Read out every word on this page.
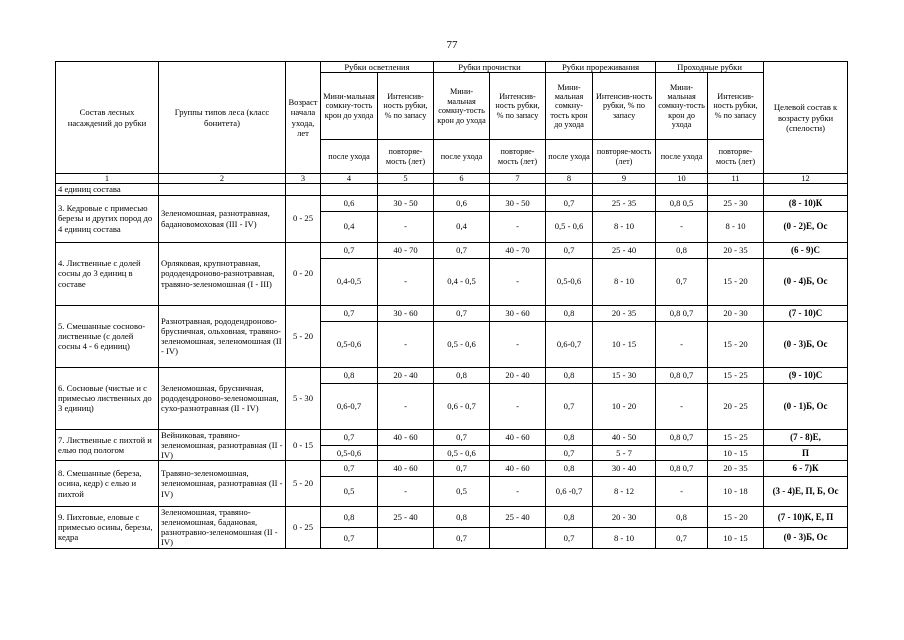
77
Состав лесных насаждений до рубки	Группы типов леса (класс бонитета)	Возраст начала ухода, лет	Рубки осветления		Рубки прочистки		Рубки прореживания		Проходные рубки		Целевой состав к возрасту рубки (спелости)
			Мини-мальная сомкну-тость крон до ухода	Интенсив-ность рубки, % по запасу	Мини-мальная сомкну-тость крон до ухода	Интенсив-ность рубки, % по запасу	Мини-мальная сомкну-тость крон до ухода	Интенсив-ность рубки, % по запасу	Мини-мальная сомкну-тость крон до ухода	Интенсив-ность рубки, % по запасу	
			после ухода	повторяе-мость (лет)	после ухода	повторяе-мость (лет)	после ухода	повторяе-мость (лет)	после ухода	повторяе-мость (лет)	
1	2	3	4	5	6	7	8	9	10	11	12
4 единиц состава											
3. Кедровые с примесью березы и других пород до 4 единиц состава	Зеленомошная, разнотравная, бадановомоховая (III - IV)	0 - 25	0,6	30 - 50	0,6	30 - 50	0,7	25 - 35	0,8 0,5	25 - 30	(8 - 10)К
			0,4	-	0,4	-	0,5 - 0,6	8 - 10	-	8 - 10	(0 - 2)Е, Ос
4. Лиственные с долей сосны до 3 единиц в составе	Орляковая, крупнотравная, рододендроново-разнотравная, травяно-зеленомошная (I - III)	0 - 20	0,7	40 - 70	0,7	40 - 70	0,7	25 - 40	0,8	20 - 35	(6 - 9)С
			0,4-0,5	-	0,4 - 0,5	-	0,5-0,6	8 - 10	0,7	15 - 20	(0 - 4)Б, Ос
5. Смешанные сосново-лиственные (с долей сосны 4 - 6 единиц)	Разнотравная, рододендроново-брусничная, ольховная, травяно-зеленомошная, зеленомошная (II - IV)	5 - 20	0,7	30 - 60	0,7	30 - 60	0,8	20 - 35	0,8 0,7	20 - 30	(7 - 10)С
			0,5-0,6	-	0,5 - 0,6	-	0,6-0,7	10 - 15	-	15 - 20	(0 - 3)Б, Ос
6. Сосновые (чистые и с примесью лиственных до 3 единиц)	Зеленомошная, брусничная, рододендроново-зеленомошная, сухо-разнотравная (II - IV)	5 - 30	0,8	20 - 40	0,8	20 - 40	0,8	15 - 30	0,8 0,7	15 - 25	(9 - 10)С
			0,6-0,7	-	0,6 - 0,7	-	0,7	10 - 20	-	20 - 25	(0 - 1)Б, Ос
7. Лиственные с пихтой и елью под пологом	Вейниковая, травяно-зеленомошная, разнотравная (II - IV)	0 - 15	0,7	40 - 60	0,7	40 - 60	0,8	40 - 50	0,8 0,7	15 - 25	(7 - 8)Е,
			0,5-0,6		0,5 - 0,6		0,7	5 - 7		10 - 15	П
8. Смешанные (береза, осина, кедр) с елью и пихтой	Травяно-зеленомошная, зеленомошная, разнотравная (II - IV)	5 - 20	0,7	40 - 60	0,7	40 - 60	0,8	30 - 40	0,8 0,7	20 - 35	6 - 7)К
			0,5	-	0,5	-	0,6 -0,7	8 - 12	-	10 - 18	(3 - 4)Е, П, Б, Ос
9. Пихтовые, еловые с примесью осины, березы, кедра	Зеленомошная, травяно-зеленомошная, бадановая, разнотравно-зеленомошная (II - IV)	0 - 25	0,8	25 - 40	0,8	25 - 40	0,8	20 - 30	0,8	15 - 20	(7 - 10)К, Е, П
			0,7		0,7		0,7	8 - 10	0,7	10 - 15	(0 - 3)Б, Ос
